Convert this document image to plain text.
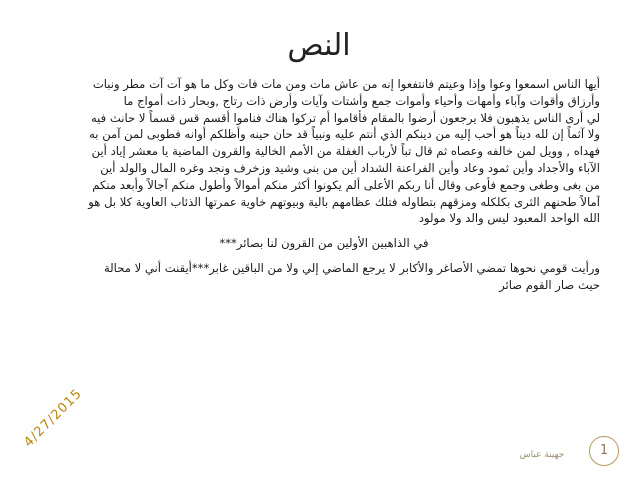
النص
أيها الناس اسمعوا وعوا وإذا وعيتم فانتفعوا إنه من عاش مات ومن مات فات وكل ما هو آت آت مطر ونبات
وأرزاق وأقوات وآباء وأمهات وأحياء وأموات جمع وأشتات وآيات وأرض ذات رتاج ,وبحار ذات أمواج ما
لي أرى الناس يذهبون فلا يرجعون أرضوا بالمقام فأقاموا أم تركوا هناك فناموا أقسم قس قسماً لا حانث فيه
ولا آثماً إن لله ديناً هو أحب إليه من دينكم الذي أنتم عليه ونبياً قد حان حينه وأظلكم أوانه فطوبى لمن آمن به
فهداه , وويل لمن خالفه وعصاه ثم قال تباً لأرباب الغفلة من الأمم الخالية والقرون الماضية يا معشر إياد أين
الآباء والأجداد وأين ثمود وعاد وأين الفراعنة الشداد أين من بنى وشيد وزخرف ونجد وغره المال والولد أين
من بغى وطغى وجمع فأوعى وقال أنا ربكم الأعلى ألم يكونوا أكثر منكم أموالاً وأطول منكم آجالاً وأبعد منكم
آمالاً طحنهم الثرى بكلكله ومزقهم بتطاوله فتلك عظامهم بالية وبيوتهم خاوية عمرتها الذئاب العاوية كلا بل هو
الله الواحد المعبود ليس والد ولا مولود
في الذاهبين الأولين من القرون لنا بصائر***
ورأيت قومي نحوها تمضي الأصاغر والأكابر لا يرجع الماضي إلي ولا من الباقين غابر***أيقنت أني لا محالة
حيث صار القوم صائر
4/27/2015
جهينة عباس	1
